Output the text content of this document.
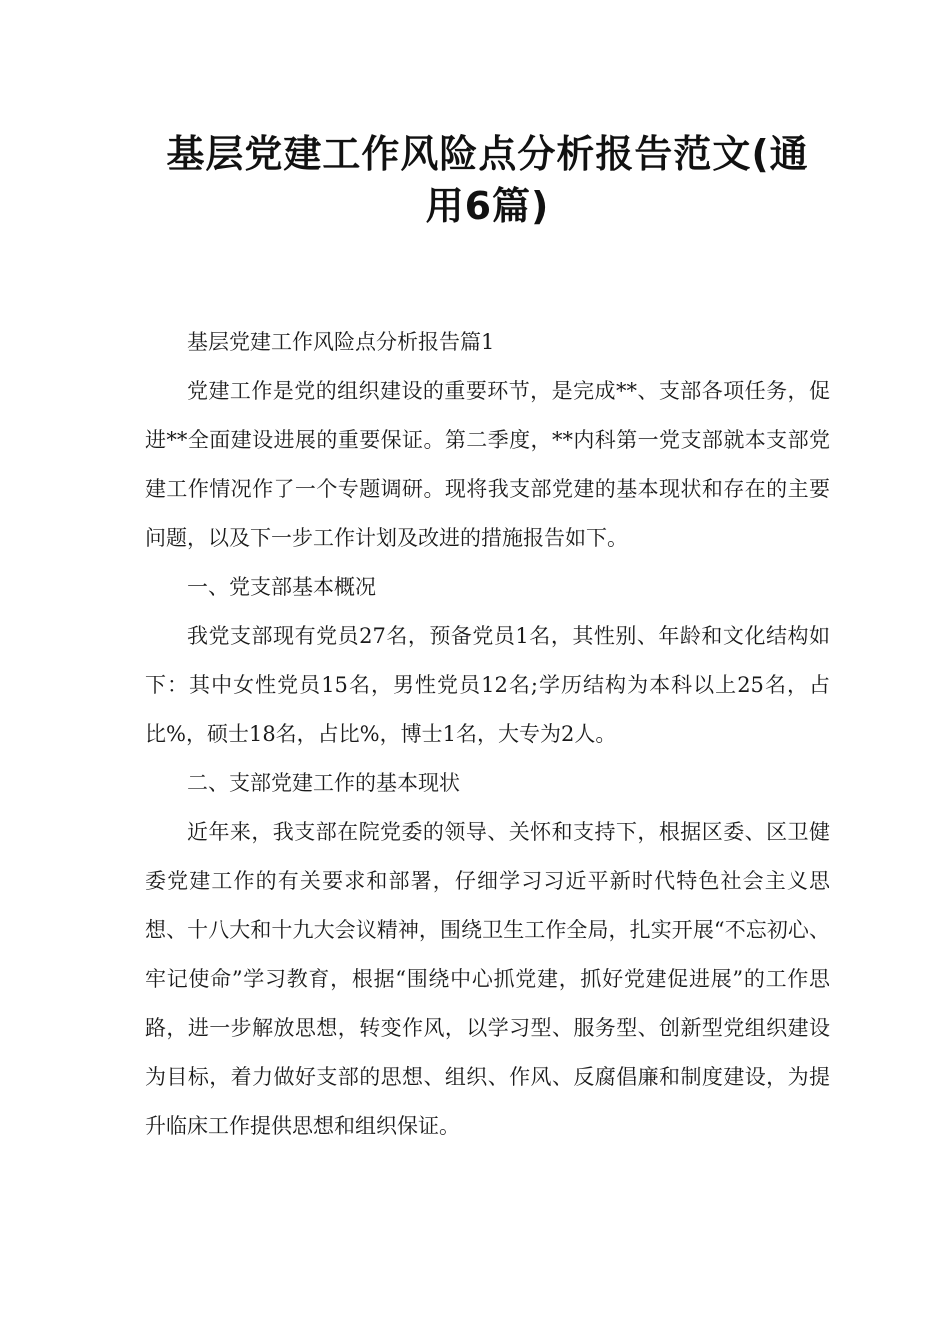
基层党建工作风险点分析报告范文(通
用6篇)

基层党建工作风险点分析报告篇1

党建工作是党的组织建设的重要环节，是完成**、支部各项任务，促进**全面建设进展的重要保证。第二季度，**内科第一党支部就本支部党建工作情况作了一个专题调研。现将我支部党建的基本现状和存在的主要问题，以及下一步工作计划及改进的措施报告如下。

一、党支部基本概况

我党支部现有党员27名，预备党员1名，其性别、年龄和文化结构如下：其中女性党员15名，男性党员12名;学历结构为本科以上25名，占比%，硕士18名，占比%，博士1名，大专为2人。

二、支部党建工作的基本现状

近年来，我支部在院党委的领导、关怀和支持下，根据区委、区卫健委党建工作的有关要求和部署，仔细学习习近平新时代特色社会主义思想、十八大和十九大会议精神，围绕卫生工作全局，扎实开展“不忘初心、牢记使命”学习教育，根据“围绕中心抓党建，抓好党建促进展”的工作思路，进一步解放思想，转变作风，以学习型、服务型、创新型党组织建设为目标，着力做好支部的思想、组织、作风、反腐倡廉和制度建设，为提升临床工作提供思想和组织保证。
